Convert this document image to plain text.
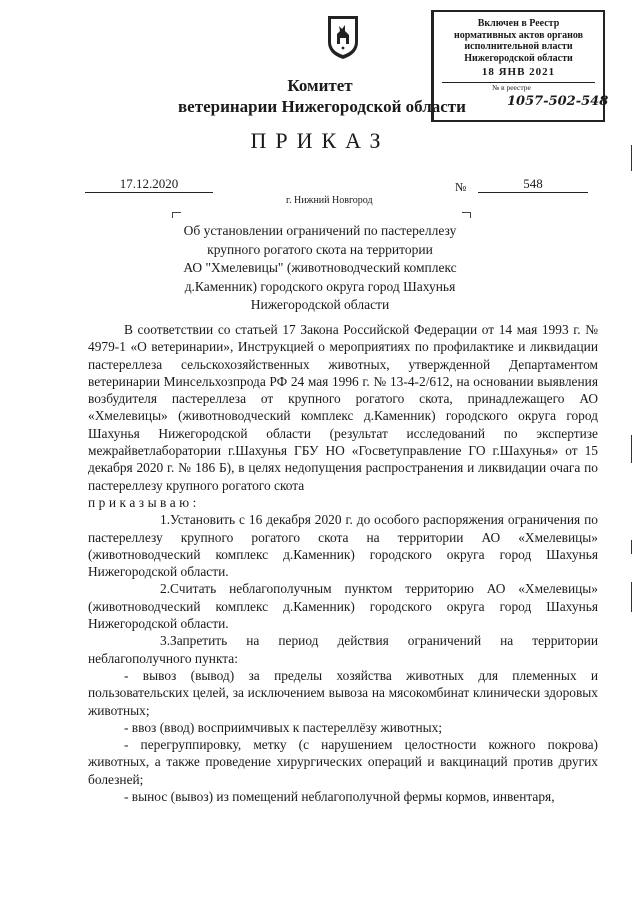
Включен в Реестр
нормативных актов органов
исполнительной власти
Нижегородской области
18 ЯНВ 2021
№ в реестре
1057-502-548
Комитет
ветеринарии Нижегородской области
ПРИКАЗ
17.12.2020	№	548
г. Нижний Новгород
Об установлении ограничений по пастереллезу
крупного рогатого скота на территории
АО "Хмелевицы" (животноводческий комплекс
д.Каменник) городского округа город Шахунья
Нижегородской области

В соответствии со статьей 17 Закона Российской Федерации от 14 мая 1993 г. № 4979-1 «О ветеринарии», Инструкцией о мероприятиях по профилактике и ликвидации пастереллеза сельскохозяйственных животных, утвержденной Департаментом ветеринарии Минсельхозпрода РФ 24 мая 1996 г. № 13-4-2/612, на основании выявления возбудителя пастереллеза от крупного рогатого скота, принадлежащего АО «Хмелевицы» (животноводческий комплекс д.Каменник) городского округа город Шахунья Нижегородской области (результат исследований по экспертизе межрайветлаборатории г.Шахунья ГБУ НО «Госветуправление ГО г.Шахунья» от 15 декабря 2020 г. № 186 Б), в целях недопущения распространения и ликвидации очага по пастереллезу крупного рогатого скота

приказываю:

1.Установить с 16 декабря 2020 г. до особого распоряжения ограничения по пастереллезу крупного рогатого скота на территории АО «Хмелевицы» (животноводческий комплекс д.Каменник) городского округа город Шахунья Нижегородской области.

2.Считать неблагополучным пунктом территорию АО «Хмелевицы» (животноводческий комплекс д.Каменник) городского округа город Шахунья Нижегородской области.

3.Запретить на период действия ограничений на территории неблагополучного пункта:

- вывоз (вывод) за пределы хозяйства животных для племенных и пользовательских целей, за исключением вывоза на мясокомбинат клинически здоровых животных;

- ввоз (ввод) восприимчивых к пастереллёзу животных;

- перегруппировку, метку (с нарушением целостности кожного покрова) животных, а также проведение хирургических операций и вакцинаций против других болезней;

- вынос (вывоз) из помещений неблагополучной фермы кормов, инвентаря,
